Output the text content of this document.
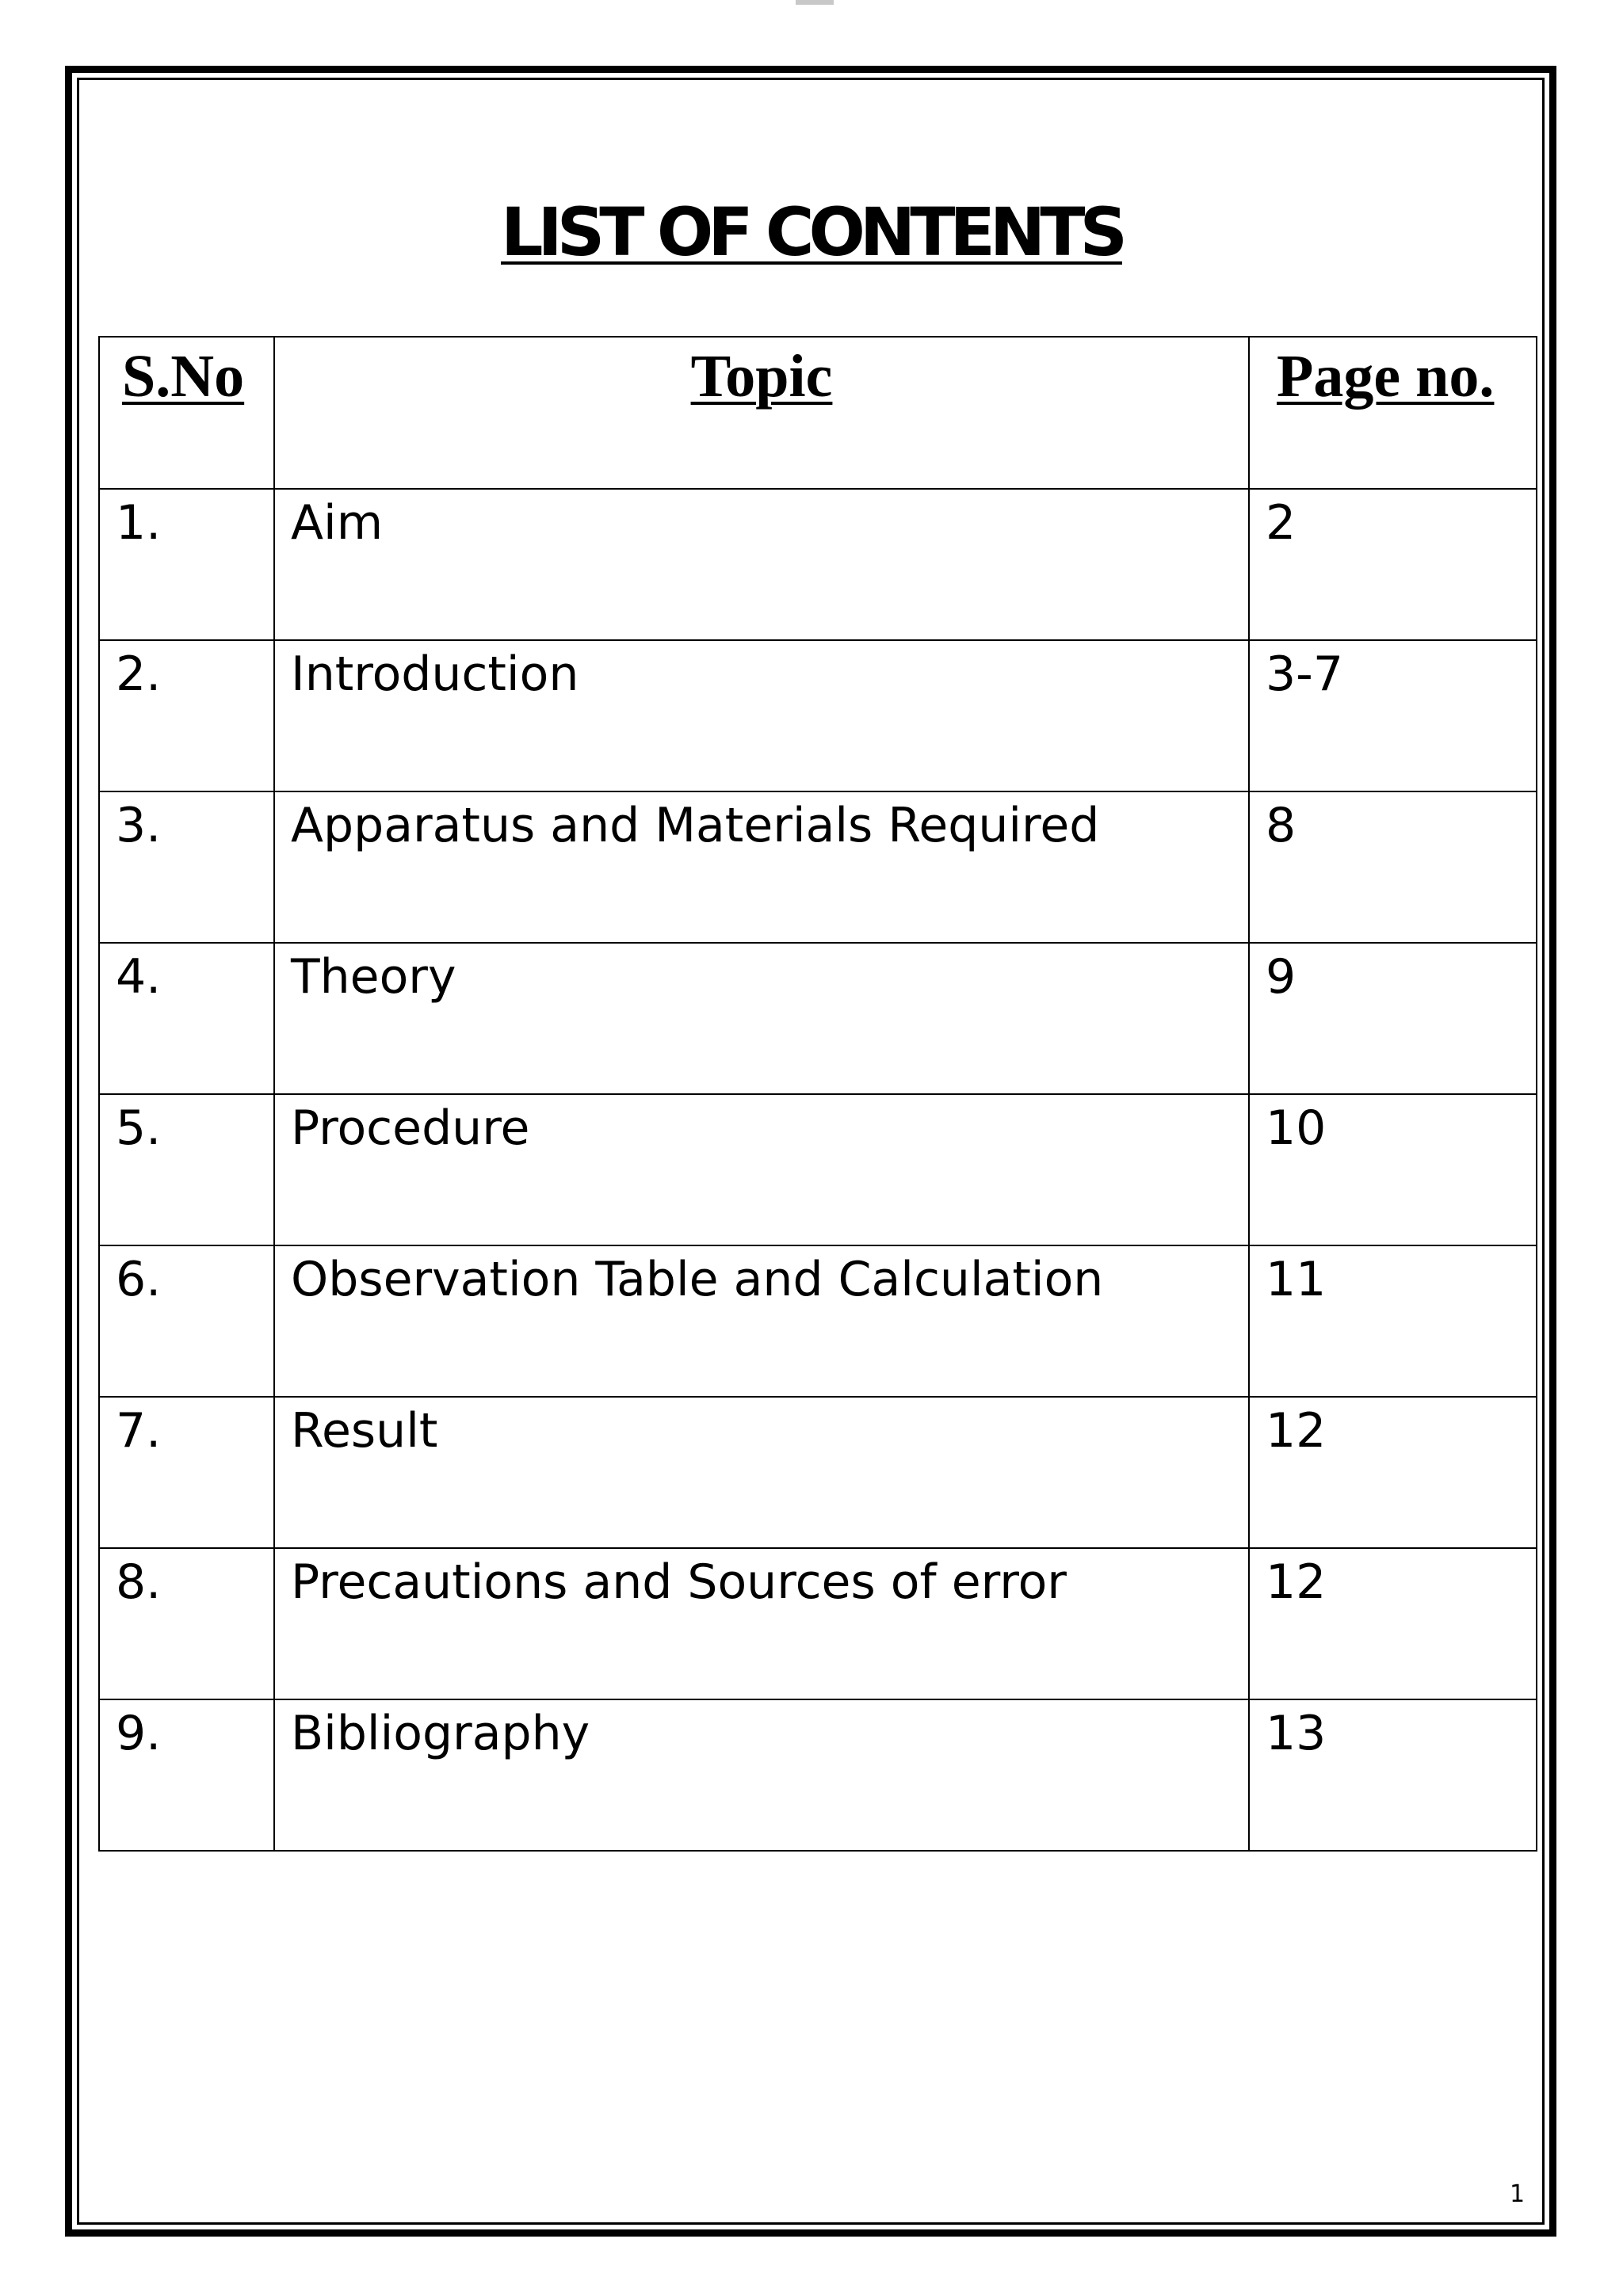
LIST OF CONTENTS
S.No	Topic	Page no.
1.	Aim	2
2.	Introduction	3-7
3.	Apparatus and Materials Required	8
4.	Theory	9
5.	Procedure	10
6.	Observation Table and Calculation	11
7.	Result	12
8.	Precautions and Sources of error	12
9.	Bibliography	13
1
